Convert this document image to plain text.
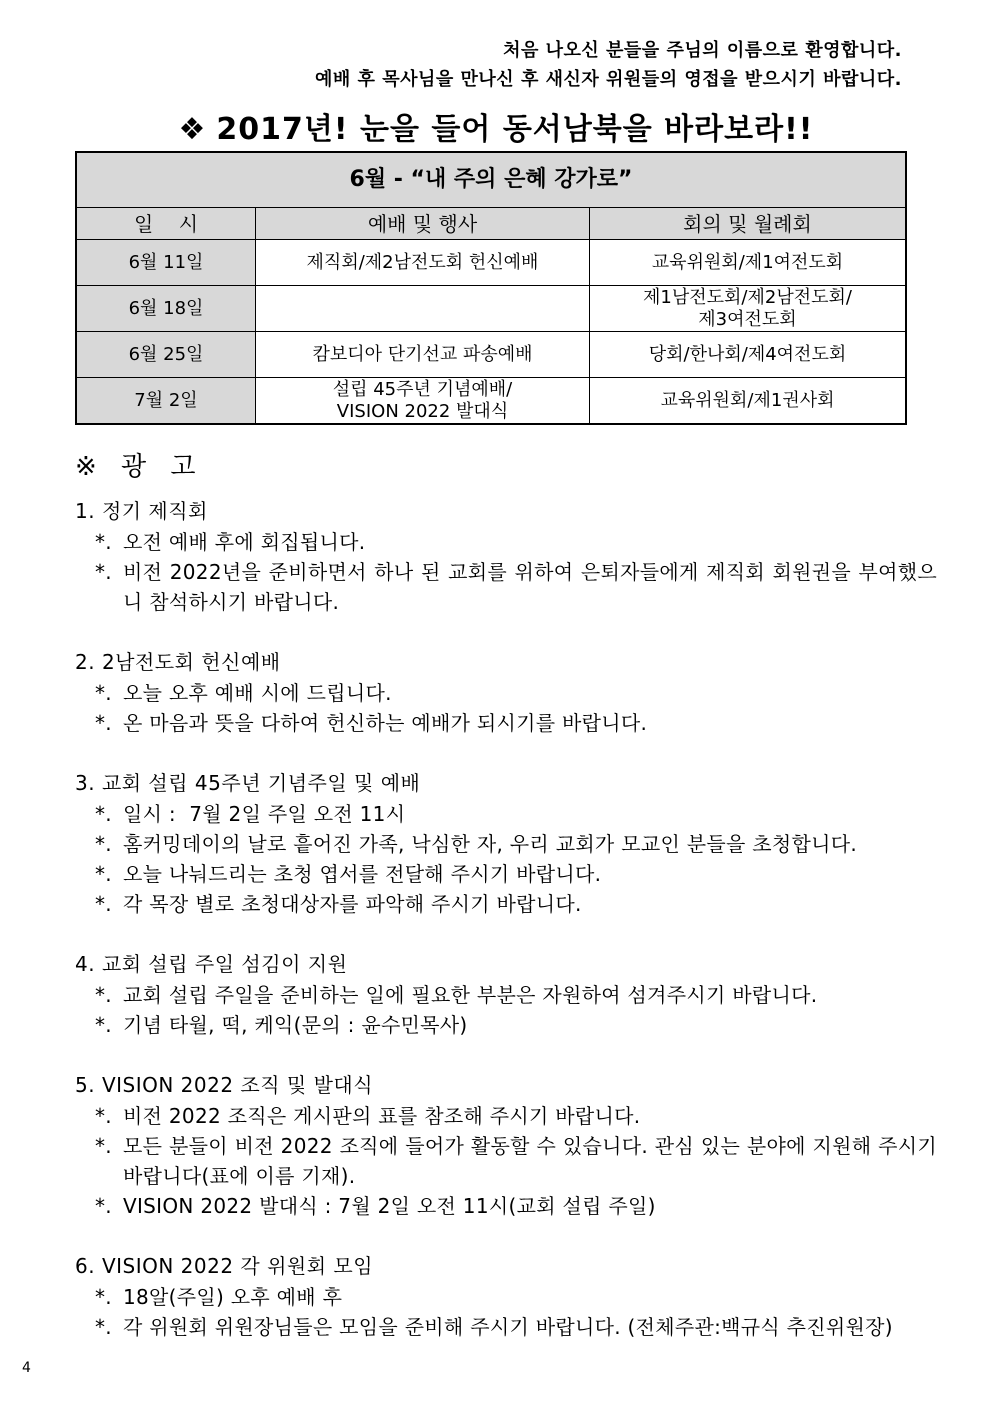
처음 나오신 분들을 주님의 이름으로 환영합니다.
예배 후 목사님을 만나신 후 새신자 위원들의 영접을 받으시기 바랍니다.
❖ 2017년! 눈을 들어 동서남북을 바라보라!!
6월 - “내 주의 은혜 강가로”		
일    시	예배 및 행사	회의 및 월례회
6월 11일	제직회/제2남전도회 헌신예배	교육위원회/제1여전도회
6월 18일		제1남전도회/제2남전도회/
제3여전도회
6월 25일	캄보디아 단기선교 파송예배	당회/한나회/제4여전도회
7월 2일	설립 45주년 기념예배/
VISION 2022 발대식	교육위원회/제1권사회
※ 광 고
1. 정기 제직회
*. 오전 예배 후에 회집됩니다.
*. 비전 2022년을 준비하면서 하나 된 교회를 위하여 은퇴자들에게 제직회 회원권을 부여했으니 참석하시기 바랍니다.
2. 2남전도회 헌신예배
*. 오늘 오후 예배 시에 드립니다.
*. 온 마음과 뜻을 다하여 헌신하는 예배가 되시기를 바랍니다.
3. 교회 설립 45주년 기념주일 및 예배
*. 일시 :  7월 2일 주일 오전 11시
*. 홈커밍데이의 날로 흩어진 가족, 낙심한 자, 우리 교회가 모교인 분들을 초청합니다.
*. 오늘 나눠드리는 초청 엽서를 전달해 주시기 바랍니다.
*. 각 목장 별로 초청대상자를 파악해 주시기 바랍니다.
4. 교회 설립 주일 섬김이 지원
*. 교회 설립 주일을 준비하는 일에 필요한 부분은 자원하여 섬겨주시기 바랍니다.
*. 기념 타월, 떡, 케익(문의 : 윤수민목사)
5. VISION 2022 조직 및 발대식
*. 비전 2022 조직은 게시판의 표를 참조해 주시기 바랍니다.
*. 모든 분들이 비전 2022 조직에 들어가 활동할 수 있습니다. 관심 있는 분야에 지원해 주시기 바랍니다(표에 이름 기재).
*. VISION 2022 발대식 : 7월 2일 오전 11시(교회 설립 주일)
6. VISION 2022 각 위원회 모임
*. 18알(주일) 오후 예배 후
*. 각 위원회 위원장님들은 모임을 준비해 주시기 바랍니다. (전체주관:백규식 추진위원장)
4
